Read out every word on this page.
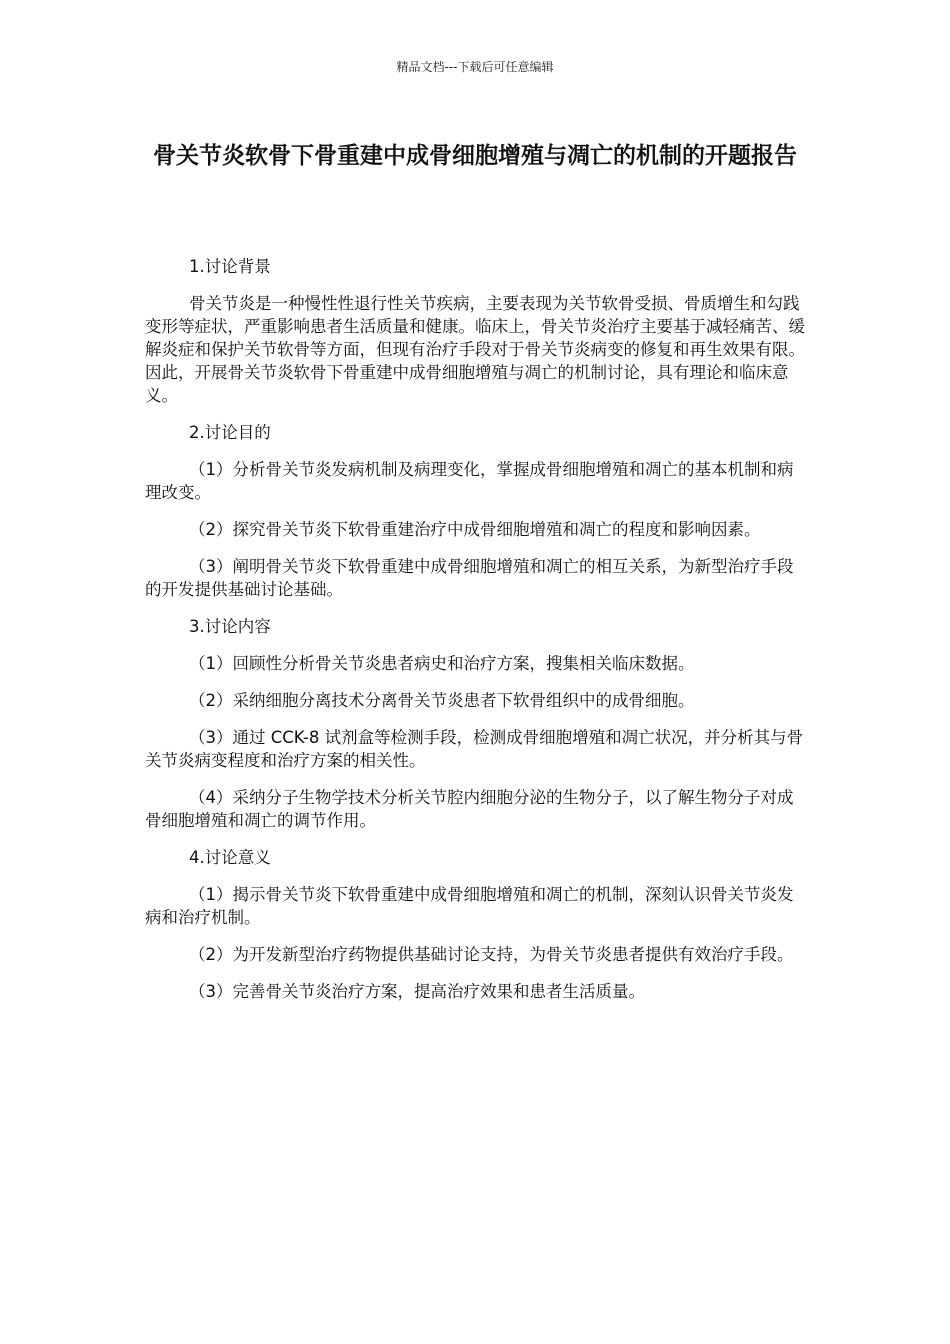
精品文档---下载后可任意编辑
骨关节炎软骨下骨重建中成骨细胞增殖与凋亡的机制的开题报告
1.讨论背景
骨关节炎是一种慢性性退行性关节疾病，主要表现为关节软骨受损、骨质增生和勾践变形等症状，严重影响患者生活质量和健康。临床上，骨关节炎治疗主要基于减轻痛苦、缓解炎症和保护关节软骨等方面，但现有治疗手段对于骨关节炎病变的修复和再生效果有限。因此，开展骨关节炎软骨下骨重建中成骨细胞增殖与凋亡的机制讨论，具有理论和临床意义。
2.讨论目的
（1）分析骨关节炎发病机制及病理变化，掌握成骨细胞增殖和凋亡的基本机制和病理改变。
（2）探究骨关节炎下软骨重建治疗中成骨细胞增殖和凋亡的程度和影响因素。
（3）阐明骨关节炎下软骨重建中成骨细胞增殖和凋亡的相互关系，为新型治疗手段的开发提供基础讨论基础。
3.讨论内容
（1）回顾性分析骨关节炎患者病史和治疗方案，搜集相关临床数据。
（2）采纳细胞分离技术分离骨关节炎患者下软骨组织中的成骨细胞。
（3）通过 CCK-8 试剂盒等检测手段，检测成骨细胞增殖和凋亡状况，并分析其与骨关节炎病变程度和治疗方案的相关性。
（4）采纳分子生物学技术分析关节腔内细胞分泌的生物分子，以了解生物分子对成骨细胞增殖和凋亡的调节作用。
4.讨论意义
（1）揭示骨关节炎下软骨重建中成骨细胞增殖和凋亡的机制，深刻认识骨关节炎发病和治疗机制。
（2）为开发新型治疗药物提供基础讨论支持，为骨关节炎患者提供有效治疗手段。
（3）完善骨关节炎治疗方案，提高治疗效果和患者生活质量。
